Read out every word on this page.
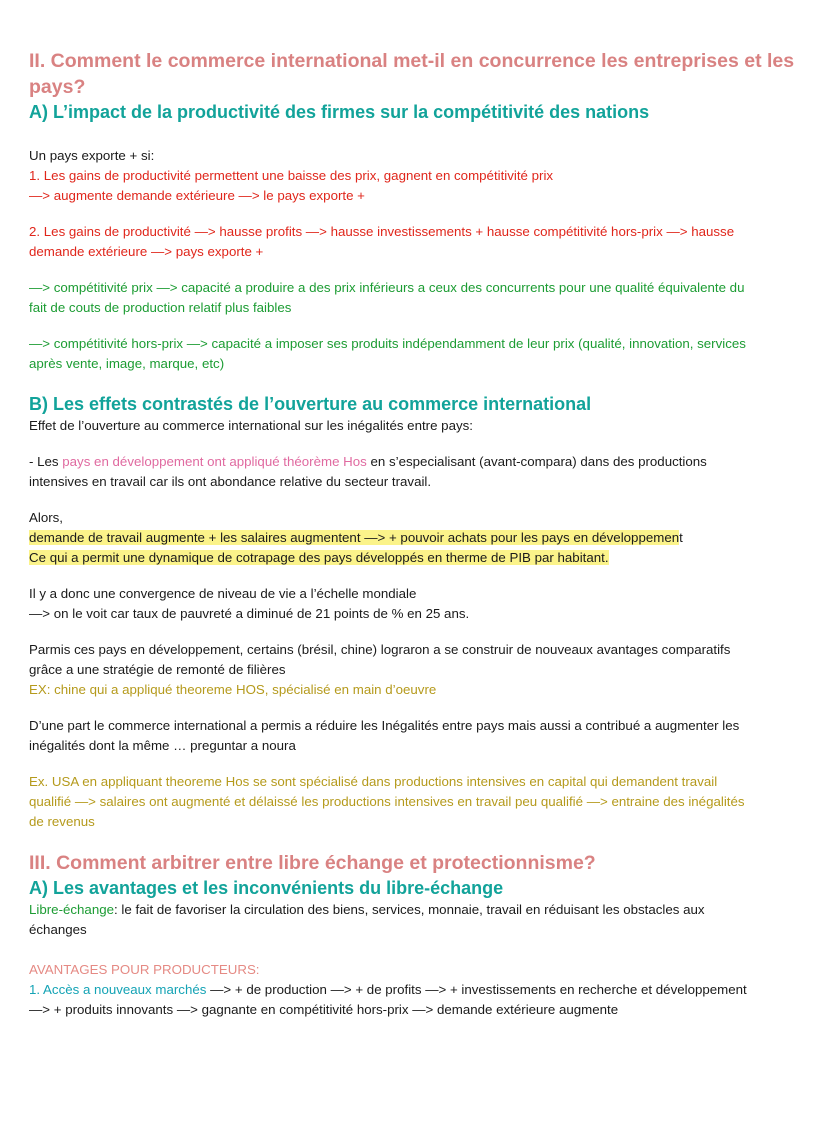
II. Comment le commerce international met-il en concurrence les entreprises et les pays?
A) L’impact de la productivité des firmes sur la compétitivité des nations

Un pays exporte + si:

1. Les gains de productivité permettent une baisse des prix, gagnent en compétitivité prix

—> augmente demande extérieure —> le pays exporte +

2. Les gains de productivité —> hausse profits —> hausse investissements + hausse compétitivité hors-prix —> hausse

demande extérieure —> pays exporte +

—> compétitivité prix —> capacité a produire a des prix inférieurs a ceux des concurrents pour une qualité équivalente du

fait de couts de production relatif plus faibles

—> compétitivité hors-prix —> capacité a imposer ses produits indépendamment de leur prix (qualité, innovation, services

après vente, image, marque, etc)

B) Les effets contrastés de l’ouverture au commerce international

Effet de l’ouverture au commerce international sur les inégalités entre pays:

- Les pays en développement ont appliqué théorème Hos en s’especialisant (avant-compara) dans des productions

intensives en travail car ils ont abondance relative du secteur travail.

Alors,

demande de travail augmente + les salaires augmentent —> + pouvoir achats pour les pays en développement

Ce qui a permit une dynamique de cotrapage des pays développés en therme de PIB par habitant.

Il y a donc une convergence de niveau de vie a l’échelle mondiale

—> on le voit car taux de pauvreté a diminué de 21 points de % en 25 ans.

Parmis ces pays en développement, certains (brésil, chine) lograron a se construir de nouveaux avantages comparatifs

grâce a une stratégie de remonté de filières

EX: chine qui a appliqué theoreme HOS, spécialisé en main d’oeuvre

D’une part le commerce international a permis a réduire les Inégalités entre pays mais aussi a contribué a augmenter les

inégalités dont la même … preguntar a noura

Ex. USA en appliquant theoreme Hos se sont spécialisé dans productions intensives en capital qui demandent travail

qualifié —> salaires ont augmenté et délaissé les productions intensives en travail peu qualifié —> entraine des inégalités

de revenus

III. Comment arbitrer entre libre échange et protectionnisme?
A) Les avantages et les inconvénients du libre-échange

Libre-échange: le fait de favoriser la circulation des biens, services, monnaie, travail en réduisant les obstacles aux

échanges

AVANTAGES POUR PRODUCTEURS:

1. Accès a nouveaux marchés —> + de production —> + de profits —> + investissements en recherche et développement

—> + produits innovants —> gagnante en compétitivité hors-prix —> demande extérieure augmente
